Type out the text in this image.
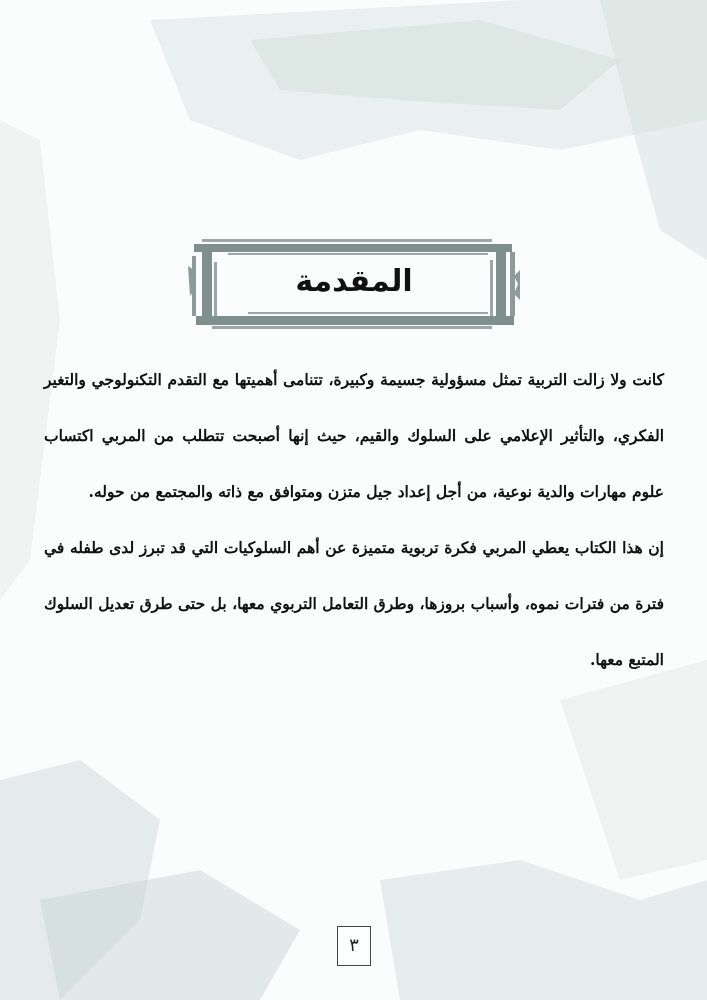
المقدمة

كانت ولا زالت التربية تمثل مسؤولية جسيمة وكبيرة، تتنامى أهميتها مع التقدم التكنولوجي والتغير الفكري، والتأثير الإعلامي على السلوك والقيم، حيث إنها أصبحت تتطلب من المربي اكتساب علوم مهارات والدية نوعية، من أجل إعداد جيل متزن ومتوافق مع ذاته والمجتمع من حوله.

إن هذا الكتاب يعطي المربي فكرة تربوية متميزة عن أهم السلوكيات التي قد تبرز لدى طفله في فترة من فترات نموه، وأسباب بروزها، وطرق التعامل التربوي معها، بل حتى طرق تعديل السلوك المتبع معها.

٣
